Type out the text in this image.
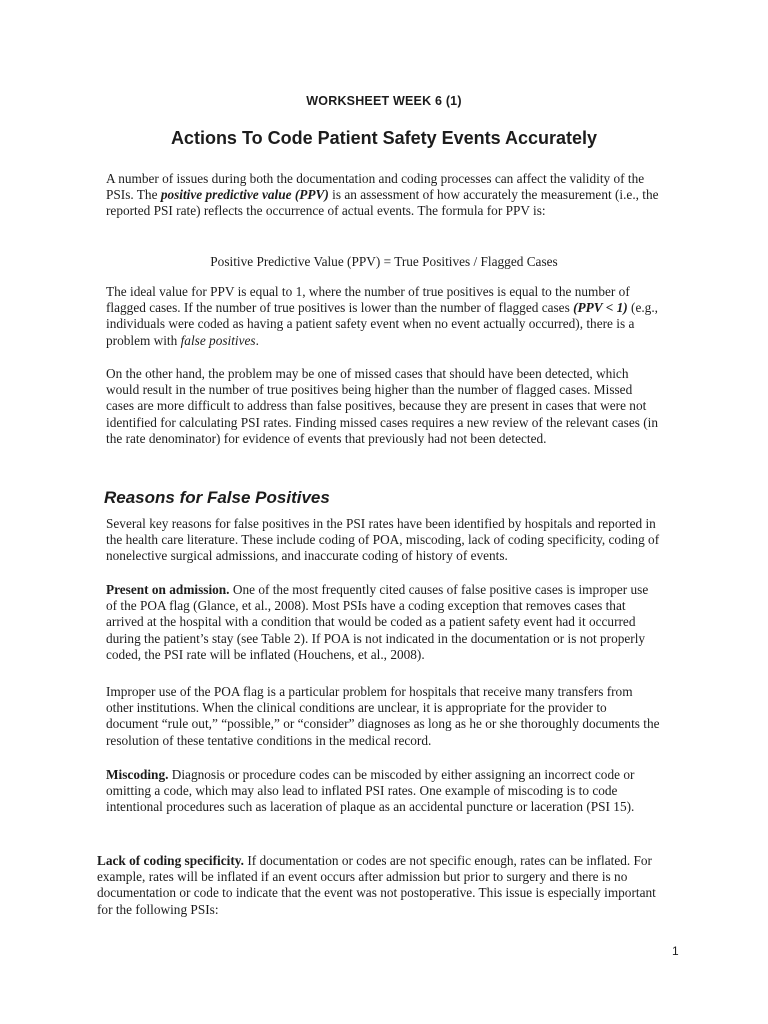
WORKSHEET WEEK 6 (1)
Actions To Code Patient Safety Events Accurately

A number of issues during both the documentation and coding processes can affect the validity of the PSIs. The positive predictive value (PPV) is an assessment of how accurately the measurement (i.e., the reported PSI rate) reflects the occurrence of actual events. The formula for PPV is:

Positive Predictive Value (PPV) = True Positives / Flagged Cases

The ideal value for PPV is equal to 1, where the number of true positives is equal to the number of flagged cases. If the number of true positives is lower than the number of flagged cases (PPV < 1) (e.g., individuals were coded as having a patient safety event when no event actually occurred), there is a problem with false positives.

On the other hand, the problem may be one of missed cases that should have been detected, which would result in the number of true positives being higher than the number of flagged cases. Missed cases are more difficult to address than false positives, because they are present in cases that were not identified for calculating PSI rates. Finding missed cases requires a new review of the relevant cases (in the rate denominator) for evidence of events that previously had not been detected.

Reasons for False Positives

Several key reasons for false positives in the PSI rates have been identified by hospitals and reported in the health care literature. These include coding of POA, miscoding, lack of coding specificity, coding of nonelective surgical admissions, and inaccurate coding of history of events.

Present on admission. One of the most frequently cited causes of false positive cases is improper use of the POA flag (Glance, et al., 2008). Most PSIs have a coding exception that removes cases that arrived at the hospital with a condition that would be coded as a patient safety event had it occurred during the patient’s stay (see Table 2). If POA is not indicated in the documentation or is not properly coded, the PSI rate will be inflated (Houchens, et al., 2008).

Improper use of the POA flag is a particular problem for hospitals that receive many transfers from other institutions. When the clinical conditions are unclear, it is appropriate for the provider to document “rule out,” “possible,” or “consider” diagnoses as long as he or she thoroughly documents the resolution of these tentative conditions in the medical record.

Miscoding. Diagnosis or procedure codes can be miscoded by either assigning an incorrect code or omitting a code, which may also lead to inflated PSI rates. One example of miscoding is to code intentional procedures such as laceration of plaque as an accidental puncture or laceration (PSI 15).

Lack of coding specificity. If documentation or codes are not specific enough, rates can be inflated. For example, rates will be inflated if an event occurs after admission but prior to surgery and there is no documentation or code to indicate that the event was not postoperative. This issue is especially important for the following PSIs:

1
